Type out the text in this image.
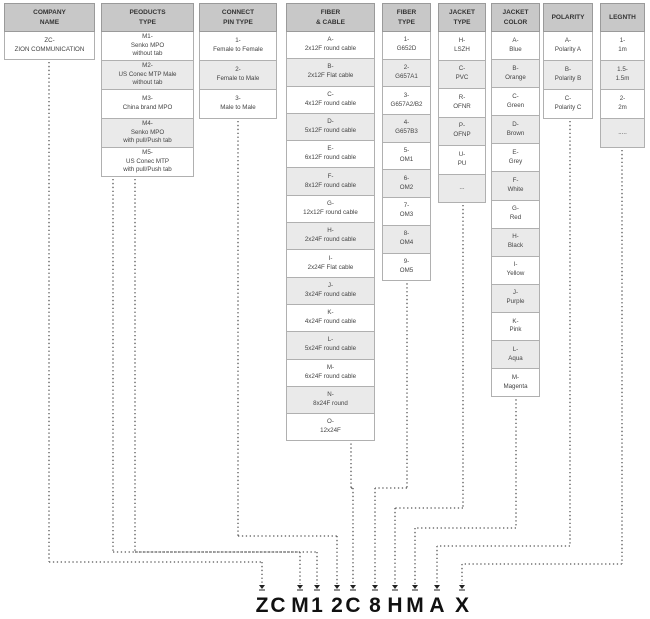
COMPANY
NAME
ZC-
ZION COMMUNICATION
PEODUCTS
TYPE
M1-
Senko MPO
without tab
M2-
US Conec MTP Male
without tab
M3-
China brand MPO
M4-
Senko MPO
with pull/Push tab
M5-
US Conec MTP
with pull/Push tab
CONNECT
PIN TYPE
1-
Female to Female
2-
Female to Male
3-
Male to Male
FIBER
& CABLE
A-
2x12F round cable
B-
2x12F Flat cable
C-
4x12F round cable
D-
5x12F round cable
E-
6x12F round cable
F-
8x12F round cable
G-
12x12F round cable
H-
2x24F round cable
I-
2x24F Flat cable
J-
3x24F round cable
K-
4x24F round cable
L-
5x24F round cable
M-
6x24F round cable
N-
8x24F round
O-
12x24F
FIBER
TYPE
1-
G652D
2-
G657A1
3-
G657A2/B2
4-
G657B3
5-
OM1
6-
OM2
7-
OM3
8-
OM4
9-
OM5
JACKET
TYPE
H-
LSZH
C-
PVC
R-
OFNR
P-
OFNP
U-
PU
...
JACKET
COLOR
A-
Blue
B-
Orange
C-
Green
D-
Brown
E-
Grey
F-
White
G-
Red
H-
Black
I-
Yellow
J-
Purple
K-
Pink
L-
Aqua
M-
Magenta
POLARITY
A-
Polarity A
B-
Polarity B
C-
Polarity C
LEGNTH
1-
1m
1.5-
1.5m
2-
2m
.....
Z C M 1 2 C 8 H M A X
